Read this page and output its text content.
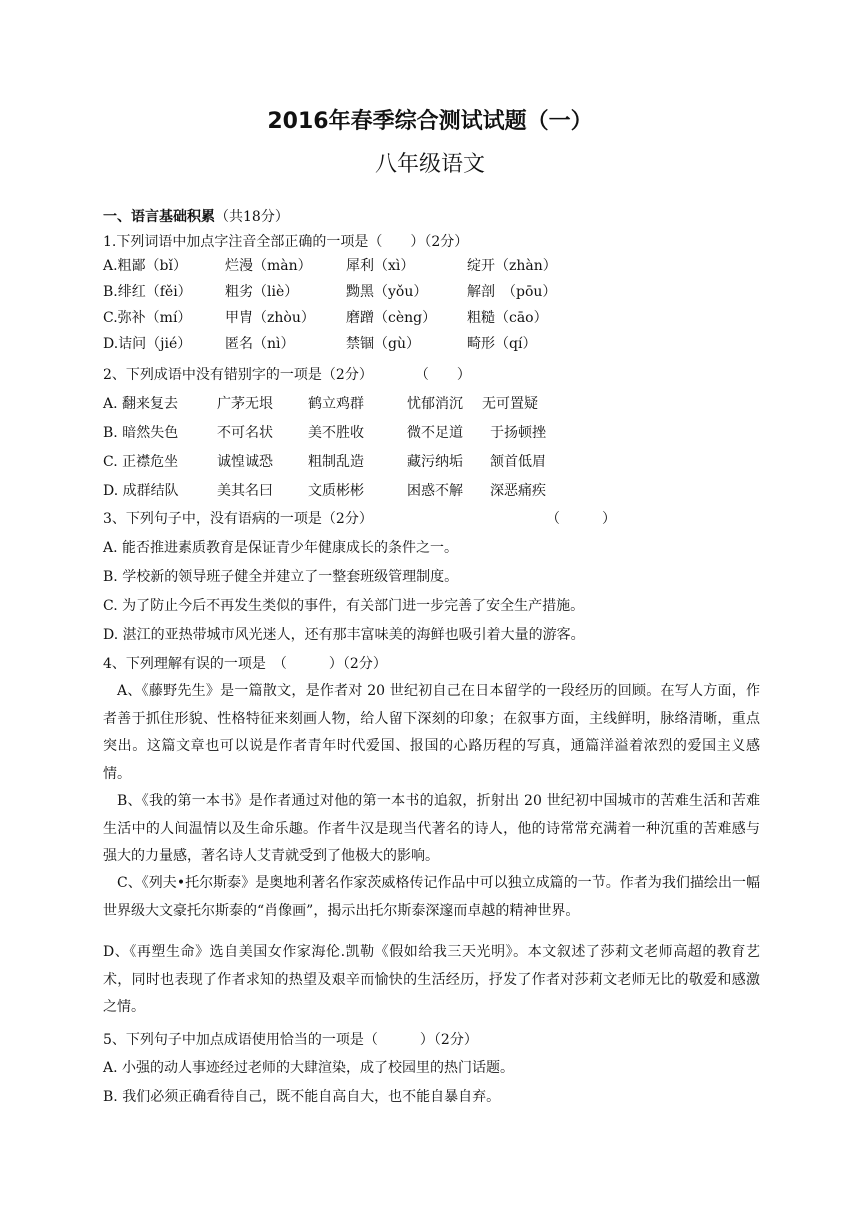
2016年春季综合测试试题（一）
八年级语文
一、语言基础积累（共18分）
1.下列词语中加点字注音全部正确的一项是（　　）（2分）
A.粗鄙（bǐ）	烂漫（màn） 犀利（xì）	绽开（zhàn）
B.绯红（fěi） 粗劣（liè）	黝黑（yǒu）	解剖　（pōu）
C.弥补（mí） 甲胄（zhòu） 磨蹭（cèng） 粗糙（cāo）
D.诘问（jié） 匿名（nì）	禁锢（gù）	畸形（qí）
2、下列成语中没有错别字的一项是（2分）　　　　（　　）
A. 翻来复去	广茅无垠	鹤立鸡群	忧郁消沉 无可置疑
B. 暗然失色	不可名状	美不胜收	微不足道 于扬顿挫
C. 正襟危坐	诚惶诚恐	粗制乱造	藏污纳垢 颔首低眉
D. 成群结队	美其名曰	文质彬彬	困惑不解 深恶痛疾
3、下列句子中，没有语病的一项是（2分）	（　　　）
A. 能否推进素质教育是保证青少年健康成长的条件之一。
B. 学校新的领导班子健全并建立了一整套班级管理制度。
C. 为了防止今后不再发生类似的事件，有关部门进一步完善了安全生产措施。
D. 湛江的亚热带城市风光迷人，还有那丰富味美的海鲜也吸引着大量的游客。
4、下列理解有误的一项是　（　　　）（2分）
A、《藤野先生》是一篇散文，是作者对 20 世纪初自己在日本留学的一段经历的回顾。在写人方面，作者善于抓住形貌、性格特征来刻画人物，给人留下深刻的印象；在叙事方面，主线鲜明，脉络清晰，重点突出。这篇文章也可以说是作者青年时代爱国、报国的心路历程的写真，通篇洋溢着浓烈的爱国主义感情。
B、《我的第一本书》是作者通过对他的第一本书的追叙，折射出 20 世纪初中国城市的苦难生活和苦难生活中的人间温情以及生命乐趣。作者牛汉是现当代著名的诗人，他的诗常常充满着一种沉重的苦难感与强大的力量感，著名诗人艾青就受到了他极大的影响。
C、《列夫•托尔斯泰》是奥地利著名作家茨威格传记作品中可以独立成篇的一节。作者为我们描绘出一幅世界级大文豪托尔斯泰的“肖像画”，揭示出托尔斯泰深邃而卓越的精神世界。
D、《再塑生命》选自美国女作家海伦.凯勒《假如给我三天光明》。本文叙述了莎莉文老师高超的教育艺术，同时也表现了作者求知的热望及艰辛而愉快的生活经历，抒发了作者对莎莉文老师无比的敬爱和感激之情。
5、下列句子中加点成语使用恰当的一项是（　　　）（2分）
A. 小强的动人事迹经过老师的大肆渲染，成了校园里的热门话题。
B. 我们必须正确看待自己，既不能自高自大，也不能自暴自弃。
